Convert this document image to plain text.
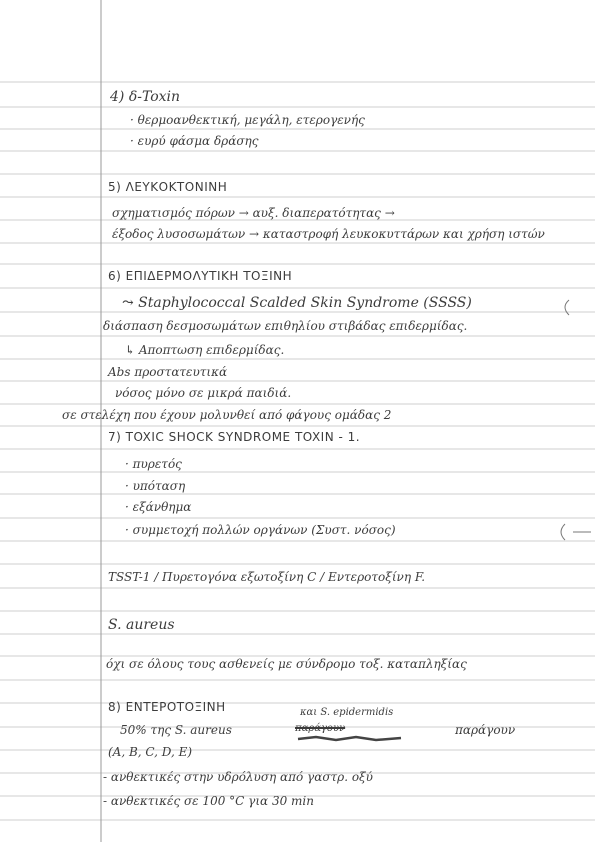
4) δ-Toxin
· θερμοανθεκτική, μεγάλη, ετερογενής
· ευρύ φάσμα δράσης
5) ΛΕΥΚΟΚΤΟΝΙΝΗ
σχηματισμός πόρων → αυξ. διαπερατότητας →
έξοδος λυσοσωμάτων → καταστροφή λευκοκυττάρων και χρήση ιστών
6) ΕΠΙΔΕΡΜΟΛΥΤΙΚΗ ΤΟΞΙΝΗ
⤳ Staphylococcal Scalded Skin Syndrome (SSSS)
διάσπαση δεσμοσωμάτων επιθηλίου στιβάδας επιδερμίδας.
↳ Αποπτωση επιδερμίδας.
Abs προστατευτικά
νόσος μόνο σε μικρά παιδιά.
σε στελέχη που έχουν μολυνθεί από φάγους ομάδας 2
7) TOXIC SHOCK SYNDROME TOXIN - 1.
· πυρετός
· υπόταση
· εξάνθημα
· συμμετοχή πολλών οργάνων (Συστ. νόσος)
TSST-1 / Πυρετογόνα εξωτοξίνη C / Εντεροτοξίνη F.
S. aureus
όχι σε όλους τους ασθενείς με σύνδρομο τοξ. καταπληξίας
8) ΕΝΤΕΡΟΤΟΞΙΝΗ	και S. epidermidis
50% της S. aureus	παράγουν	παράγουν
(A, B, C, D, E)
- ανθεκτικές στην υδρόλυση από γαστρ. οξύ
- ανθεκτικές σε 100 °C για 30 min
